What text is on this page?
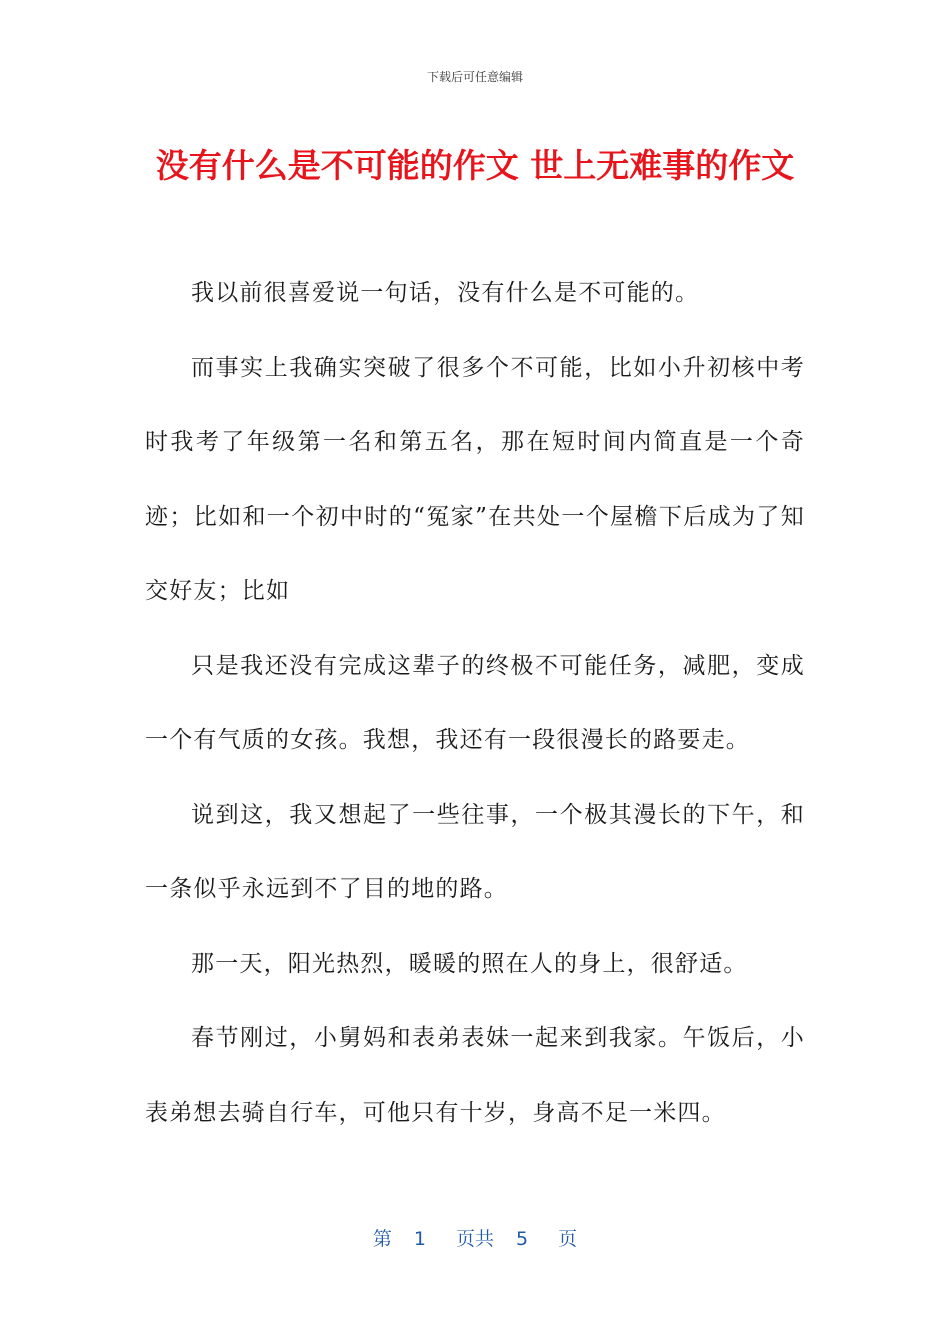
下载后可任意编辑
没有什么是不可能的作文 世上无难事的作文

我以前很喜爱说一句话，没有什么是不可能的。

而事实上我确实突破了很多个不可能，比如小升初核中考时我考了年级第一名和第五名，那在短时间内简直是一个奇迹；比如和一个初中时的“冤家”在共处一个屋檐下后成为了知交好友；比如

只是我还没有完成这辈子的终极不可能任务，减肥，变成一个有气质的女孩。我想，我还有一段很漫长的路要走。

说到这，我又想起了一些往事，一个极其漫长的下午，和一条似乎永远到不了目的地的路。

那一天，阳光热烈，暖暖的照在人的身上，很舒适。

春节刚过，小舅妈和表弟表妹一起来到我家。午饭后，小表弟想去骑自行车，可他只有十岁，身高不足一米四。

第 1 页共 5 页
